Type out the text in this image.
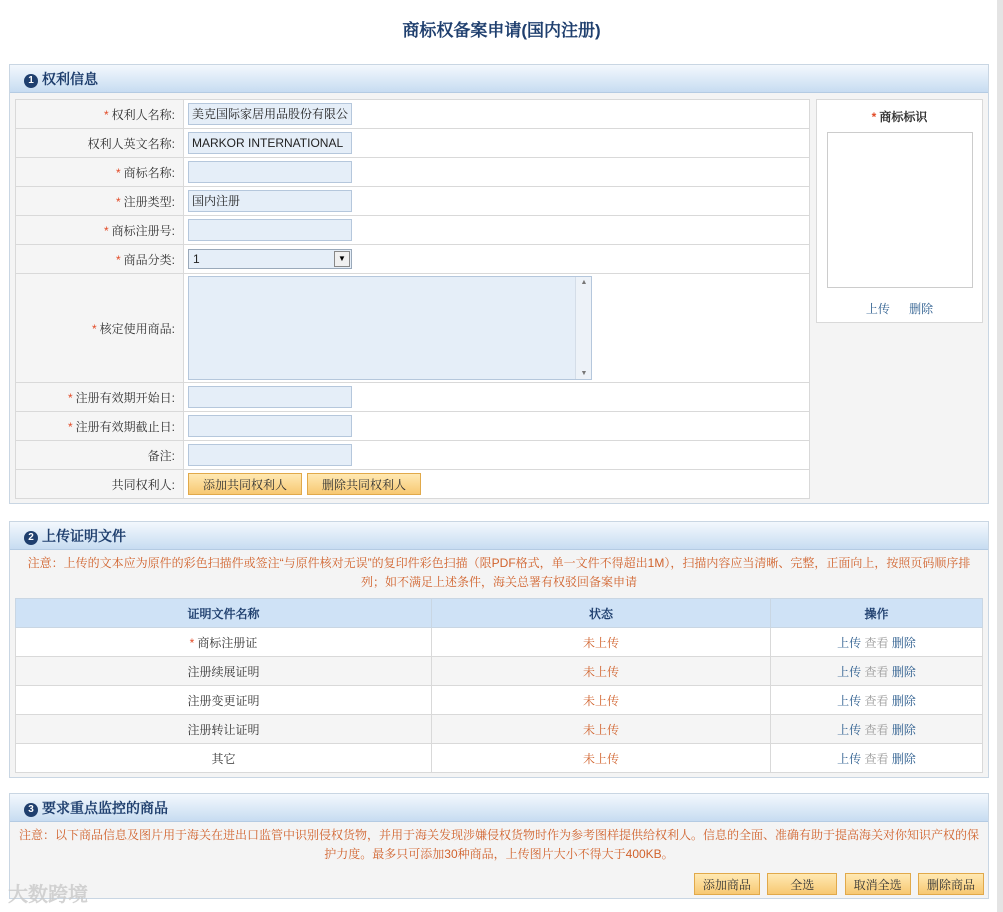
商标权备案申请(国内注册)
1 权利信息
* 权利人名称:	美克国际家居用品股份有限公

权利人英文名称:	MARKOR INTERNATIONAL

* 商标名称:	

* 注册类型:	国内注册

* 商标注册号:	

* 商品分类:	1 ▼

* 核定使用商品:	▲
▼

* 注册有效期开始日:	

* 注册有效期截止日:	

备注:	

共同权利人:	添加共同权利人 删除共同权利人
* 商标标识
上传 删除
2 上传证明文件
注意：上传的文本应为原件的彩色扫描件或签注“与原件核对无误”的复印件彩色扫描（限PDF格式，单一文件不得超出1M），扫描内容应当清晰、完整，正面向上，按照页码顺序排
列；如不满足上述条件，海关总署有权驳回备案申请
证明文件名称	状态	操作
* 商标注册证	未上传	上传 查看 删除
注册续展证明	未上传	上传 查看 删除
注册变更证明	未上传	上传 查看 删除
注册转让证明	未上传	上传 查看 删除
其它	未上传	上传 查看 删除
3 要求重点监控的商品
注意：以下商品信息及图片用于海关在进出口监管中识别侵权货物，并用于海关发现涉嫌侵权货物时作为参考图样提供给权利人。信息的全面、准确有助于提高海关对你知识产权的保
护力度。最多只可添加30种商品，上传图片大小不得大于400KB。
添加商品	全选	取消全选 删除商品
大数跨境
